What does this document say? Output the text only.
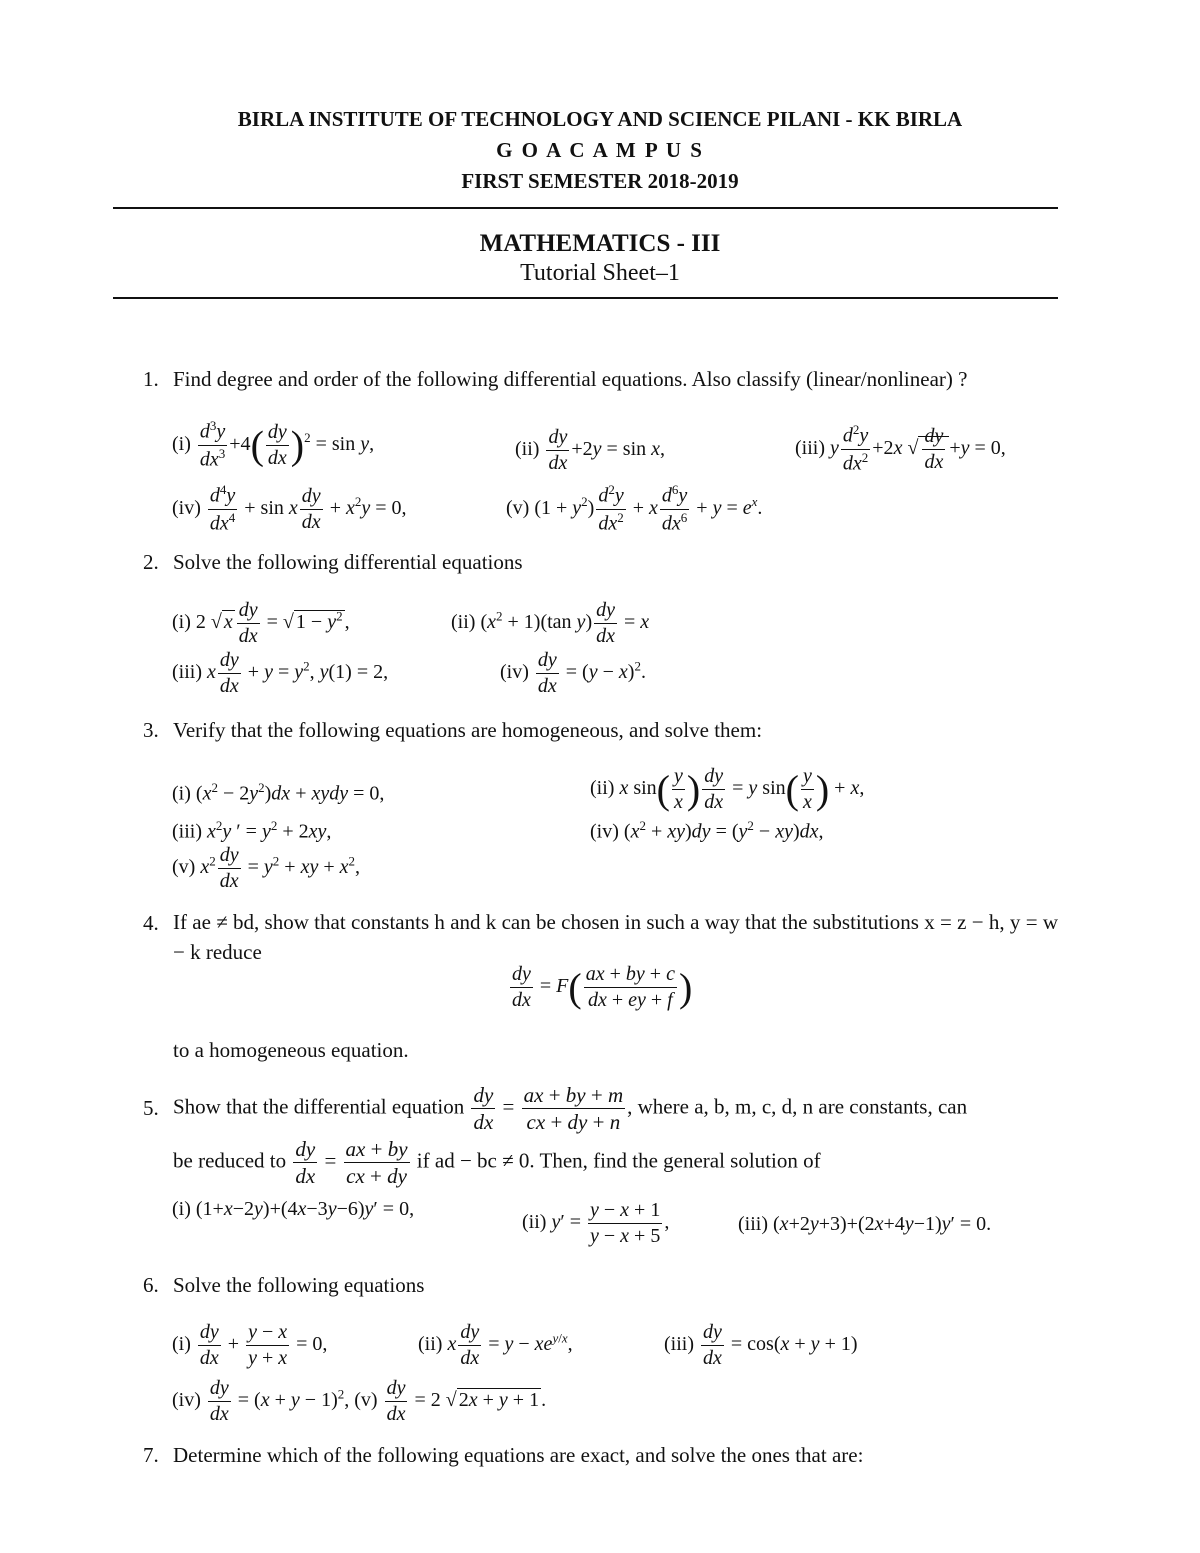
BIRLA INSTITUTE OF TECHNOLOGY AND SCIENCE PILANI - KK BIRLA
G O A C A M P U S
FIRST SEMESTER 2018-2019
MATHEMATICS - III
Tutorial Sheet–1
1. Find degree and order of the following differential equations. Also classify (linear/nonlinear) ?
$(i) \frac{d^3y}{dx^3} +4( \frac{dy}{dx} )^2 = \sin y$,	$(ii) \frac{dy}{dx} +2y = \sin x$,	(iii) y $\frac{d^2y}{dx^2} +2x$ √ $\frac{dy}{dx} +y = 0$,
$(iv) \frac{d^4y}{dx^4} + \sin x \frac{dy}{dx} + x^2y = 0$,	(v) $(1 + y^2) \frac{d^2y}{dx^2} + x \frac{d^6y}{dx^6} + y = e^x$.
2. Solve the following differential equations
(i) 2 √ x $\frac{dy}{dx}$ = √ $1 - y^2$ ,	(ii) $(x^2 + 1)(\tan$ $y) \frac{dy}{dx} = x$
(iii) x $\frac{dy}{dx} + y = y^2$, y(1) = 2,	$(iv) \frac{dy}{dx} = (y - x)^2$.
3. Verify that the following equations are homogeneous, and solve them:
(i) $(x^2 - 2y^2)dx$ + xydy = 0,	(ii) x $\sin( \frac{y}{x}$ ) $\frac{dy}{dx} = y$ $\sin( \frac{y}{x}$ ) + x,
(iii) $x^2y$ ′ = $y^2 + 2xy$,	(iv) $(x^2 + xy)dy = (y^2 - xy)dx$,
(v) $x^2 \frac{dy}{dx} = y^2$ + xy + $x^2$,
4. If ae ≠ bd, show that constants h and k can be chosen in such a way that the substitutions x = z − h, y = w − k reduce
$\frac{dy}{dx} = F( \frac{ax + by + c}{dx + ey + f}$ )
to a homogeneous equation.
5. Show that the differential equation $\frac{dy}{dx} = \frac{ax + by + m}{cx + dy + n}$ , where a, b, m, c, d, n are constants, can
be reduced to $\frac{dy}{dx} = \frac{ax + by}{cx + dy}$ if ad − bc ≠ 0. Then, find the general solution of
(i) (1+x−2y)+(4x−3y−6)y′ = 0,
(ii) $y' = \frac{y - x + 1}{y - x + 5}$ ,	(iii) (x+2y+3)+(2x+4y−1)y′ = 0.
6. Solve the following equations
$(i) \frac{dy}{dx} + \frac{y - x}{y + x} = 0$,	(ii) x $\frac{dy}{dx} = y - xe^{y/x}$,	$(iii) \frac{dy}{dx} = \cos(x + y + 1)$
$(iv) \frac{dy}{dx} = (x + y - 1)^2$, $(v) \frac{dy}{dx} = 2$ √ 2x + y + 1 .
7. Determine which of the following equations are exact, and solve the ones that are:
